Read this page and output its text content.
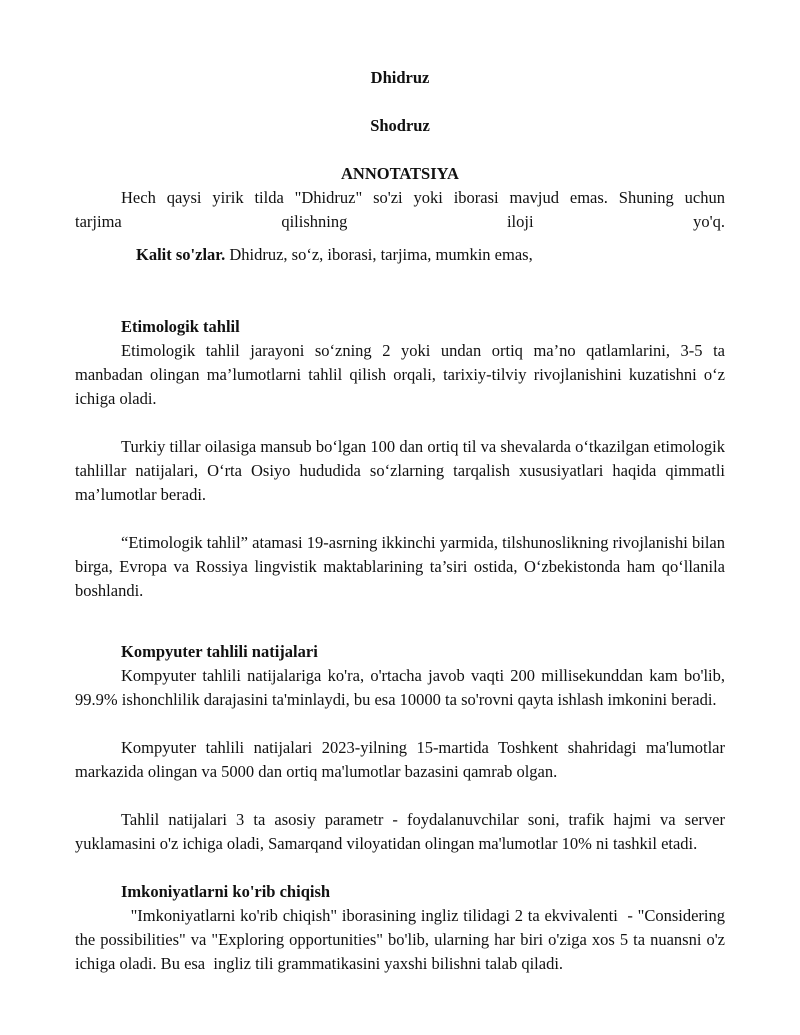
Dhidruz

Shodruz

ANNOTATSIYA

Hech qaysi yirik tilda "Dhidruz" so'zi yoki iborasi mavjud emas. Shuning uchun

tarjima qilishning iloji yo'q.

Kalit so'zlar. Dhidruz, so‘z, iborasi, tarjima, mumkin emas,

Etimologik tahlil

Etimologik tahlil jarayoni so‘zning 2 yoki undan ortiq ma’no qatlamlarini, 3-5 ta manbadan olingan ma’lumotlarni tahlil qilish orqali, tarixiy-tilviy rivojlanishini kuzatishni o‘z ichiga oladi.

Turkiy tillar oilasiga mansub bo‘lgan 100 dan ortiq til va shevalarda o‘tkazilgan etimologik tahlillar natijalari, O‘rta Osiyo hududida so‘zlarning tarqalish xususiyatlari haqida qimmatli ma’lumotlar beradi.

“Etimologik tahlil” atamasi 19-asrning ikkinchi yarmida, tilshunoslikning rivojlanishi bilan birga, Evropa va Rossiya lingvistik maktablarining ta’siri ostida, O‘zbekistonda ham qo‘llanila boshlandi.

Kompyuter tahlili natijalari

Kompyuter tahlili natijalariga ko'ra, o'rtacha javob vaqti 200 millisekunddan kam bo'lib, 99.9% ishonchlilik darajasini ta'minlaydi, bu esa 10000 ta so'rovni qayta ishlash imkonini beradi.

Kompyuter tahlili natijalari 2023-yilning 15-martida Toshkent shahridagi ma'lumotlar markazida olingan va 5000 dan ortiq ma'lumotlar bazasini qamrab olgan.

Tahlil natijalari 3 ta asosiy parametr - foydalanuvchilar soni, trafik hajmi va server yuklamasini o'z ichiga oladi, Samarqand viloyatidan olingan ma'lumotlar 10% ni tashkil etadi.

Imkoniyatlarni ko'rib chiqish

"Imkoniyatlarni ko'rib chiqish" iborasining ingliz tilidagi 2 ta ekvivalenti  - "Considering the possibilities" va "Exploring opportunities" bo'lib, ularning har biri o'ziga xos 5 ta nuansni o'z ichiga oladi. Bu esa  ingliz tili grammatikasini yaxshi bilishni talab qiladi.
